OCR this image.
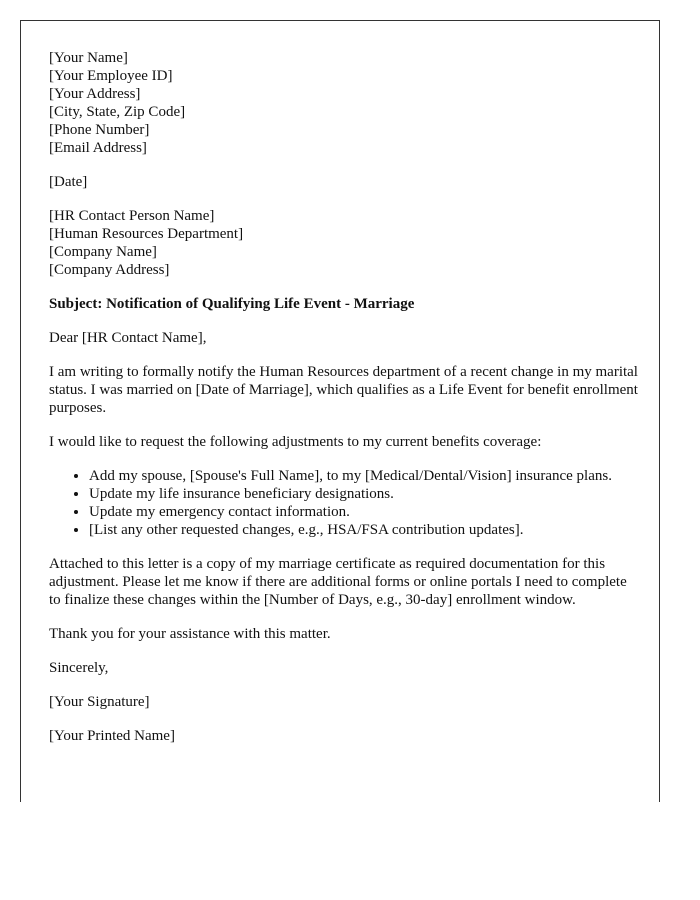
[Your Name]
[Your Employee ID]
[Your Address]
[City, State, Zip Code]
[Phone Number]
[Email Address]
[Date]
[HR Contact Person Name]
[Human Resources Department]
[Company Name]
[Company Address]

Subject: Notification of Qualifying Life Event - Marriage

Dear [HR Contact Name],

I am writing to formally notify the Human Resources department of a recent change in my marital status. I was married on [Date of Marriage], which qualifies as a Life Event for benefit enrollment purposes.

I would like to request the following adjustments to my current benefits coverage:

• Add my spouse, [Spouse's Full Name], to my [Medical/Dental/Vision] insurance plans.
• Update my life insurance beneficiary designations.
• Update my emergency contact information.
• [List any other requested changes, e.g., HSA/FSA contribution updates].

Attached to this letter is a copy of my marriage certificate as required documentation for this adjustment. Please let me know if there are additional forms or online portals I need to complete to finalize these changes within the [Number of Days, e.g., 30-day] enrollment window.

Thank you for your assistance with this matter.

Sincerely,

[Your Signature]

[Your Printed Name]
